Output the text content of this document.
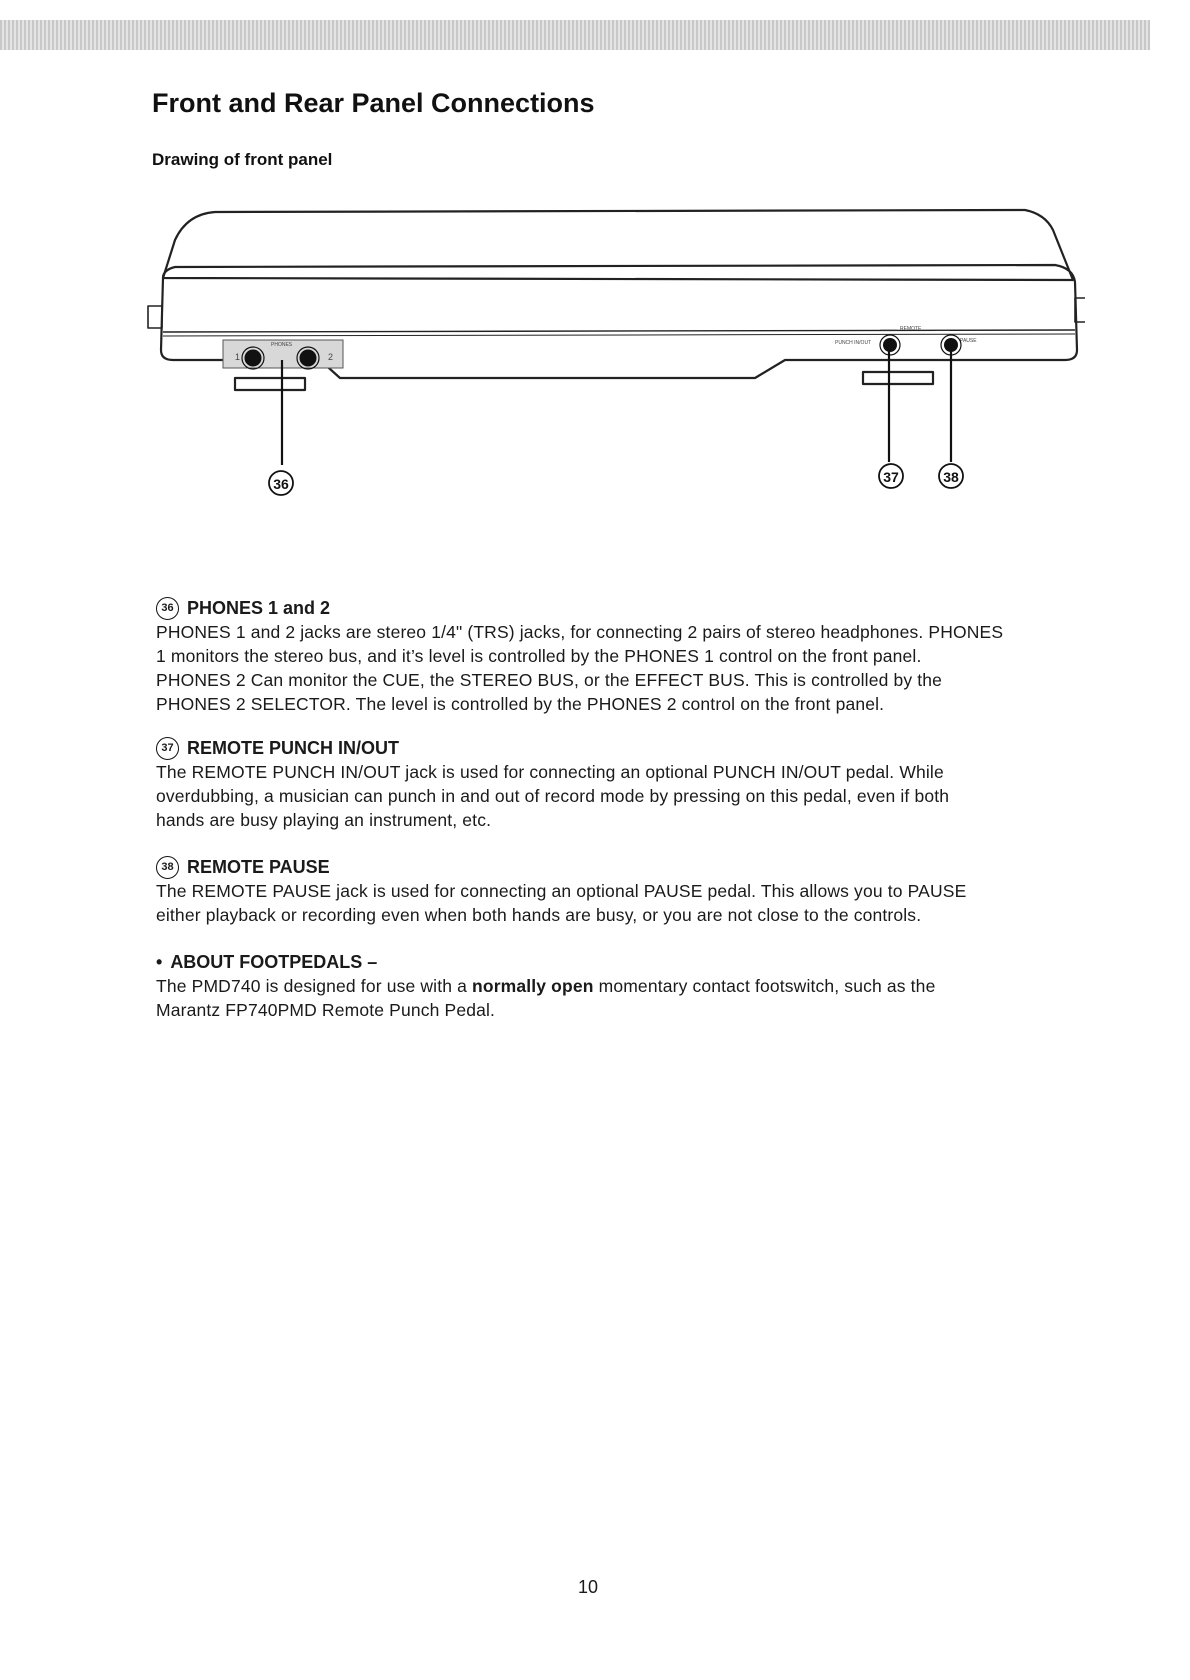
Front and Rear Panel Connections
Drawing of front panel
PHONES
1	2
PUNCH IN/OUT
REMOTE
PAUSE
36	37	38
36 PHONES 1 and 2

PHONES 1 and 2 jacks are stereo 1/4" (TRS) jacks, for connecting 2 pairs of stereo headphones. PHONES

1 monitors the stereo bus, and it’s level is controlled by the PHONES 1 control on the front panel.

PHONES 2 Can monitor the CUE, the STEREO BUS, or the EFFECT BUS. This is controlled by the

PHONES 2 SELECTOR. The level is controlled by the PHONES 2 control on the front panel.

37 REMOTE PUNCH IN/OUT

The REMOTE PUNCH IN/OUT jack is used for connecting an optional PUNCH IN/OUT pedal. While

overdubbing, a musician can punch in and out of record mode by pressing on this pedal, even if both

hands are busy playing an instrument, etc.

38 REMOTE PAUSE

The REMOTE PAUSE jack is used for connecting an optional PAUSE pedal. This allows you to PAUSE

either playback or recording even when both hands are busy, or you are not close to the controls.

• ABOUT FOOTPEDALS –

The PMD740 is designed for use with a normally open momentary contact footswitch, such as the

Marantz FP740PMD Remote Punch Pedal.

10
